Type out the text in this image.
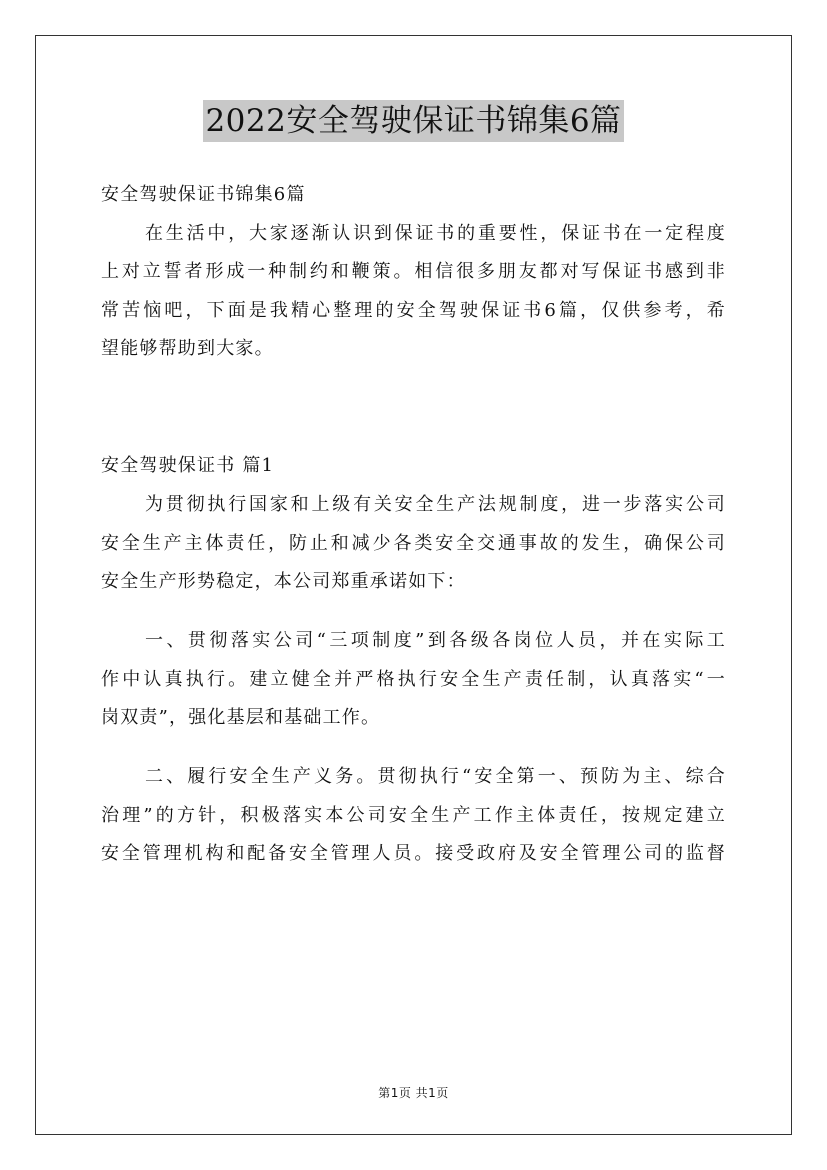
2022安全驾驶保证书锦集6篇
安全驾驶保证书锦集6篇
在生活中，大家逐渐认识到保证书的重要性，保证书在一定程度
上对立誓者形成一种制约和鞭策。相信很多朋友都对写保证书感到非
常苦恼吧，下面是我精心整理的安全驾驶保证书6篇，仅供参考，希
望能够帮助到大家。
安全驾驶保证书 篇1
为贯彻执行国家和上级有关安全生产法规制度，进一步落实公司
安全生产主体责任，防止和减少各类安全交通事故的发生，确保公司
安全生产形势稳定，本公司郑重承诺如下：
一、贯彻落实公司“三项制度”到各级各岗位人员，并在实际工
作中认真执行。建立健全并严格执行安全生产责任制，认真落实“一
岗双责”，强化基层和基础工作。
二、履行安全生产义务。贯彻执行“安全第一、预防为主、综合
治理”的方针，积极落实本公司安全生产工作主体责任，按规定建立
安全管理机构和配备安全管理人员。接受政府及安全管理公司的监督
第1页 共1页
